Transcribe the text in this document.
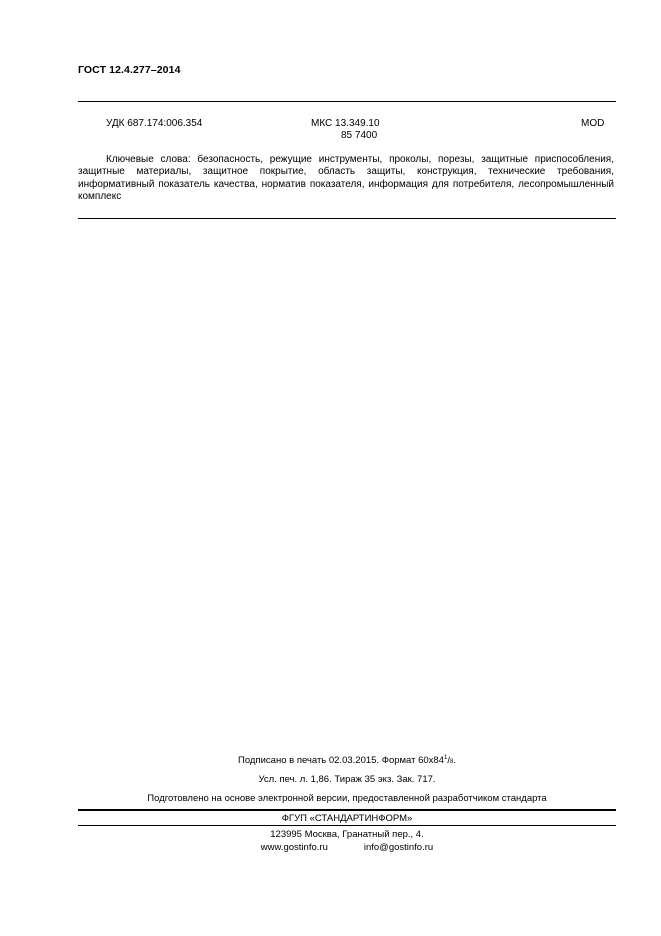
ГОСТ 12.4.277–2014
УДК 687.174:006.354	МКС 13.349.10
85 7400
MOD
Ключевые слова: безопасность, режущие инструменты, проколы, порезы, защитные приспособления, защитные материалы, защитное покрытие, область защиты, конструкция, технические требования, информативный показатель качества, норматив показателя, информация для потребителя, лесопромышленный комплекс
Подписано в печать 02.03.2015. Формат $60x84^1/8$.
Усл. печ. л. 1,86. Тираж 35 экз. Зак. 717.
Подготовлено на основе электронной версии, предоставленной разработчиком стандарта
ФГУП «СТАНДАРТИНФОРМ»
123995 Москва, Гранатный пер., 4.
www.gostinfo.ru	info@gostinfo.ru
